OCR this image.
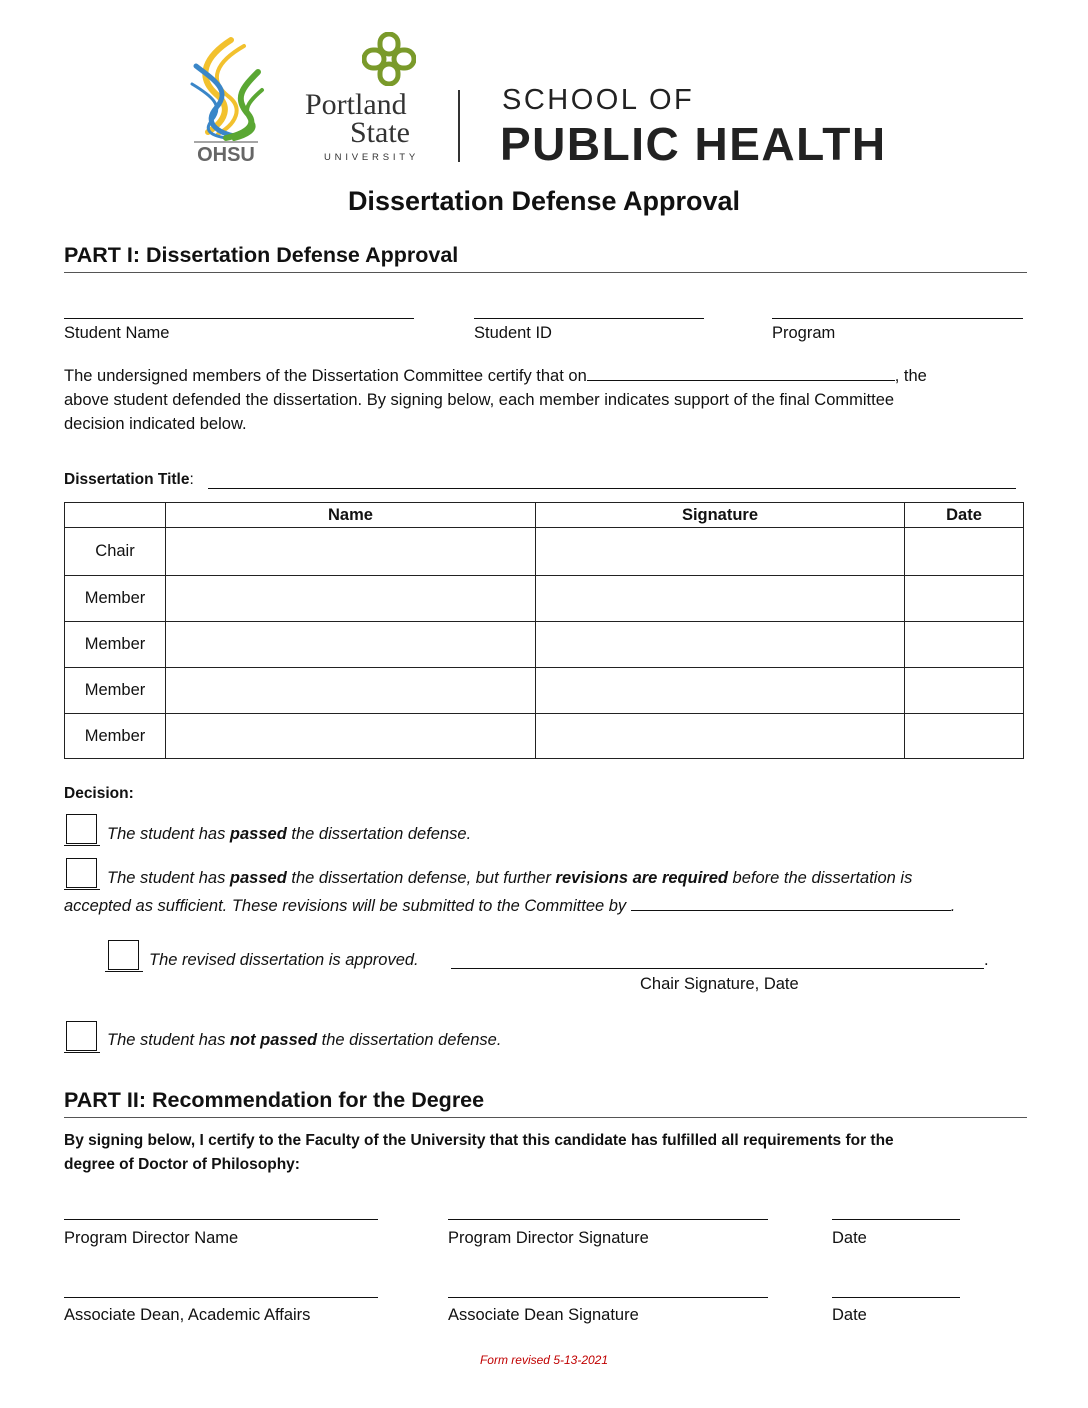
OHSU
Portland
State
UNIVERSITY
SCHOOL OF
PUBLIC HEALTH
Dissertation Defense Approval
PART I: Dissertation Defense Approval
Student Name	Student ID	Program
The undersigned members of the Dissertation Committee certify that on	, the
above student defended the dissertation. By signing below, each member indicates support of the final Committee
decision indicated below.
Dissertation Title:
	Name	Signature	Date
Chair			
Member			
Member			
Member			
Member			
Decision:
The student has passed the dissertation defense.
The student has passed the dissertation defense, but further revisions are required before the dissertation is
accepted as sufficient. These revisions will be submitted to the Committee by	.
The revised dissertation is approved.	.
Chair Signature, Date
The student has not passed the dissertation defense.
PART II: Recommendation for the Degree
By signing below, I certify to the Faculty of the University that this candidate has fulfilled all requirements for the
degree of Doctor of Philosophy:
Program Director Name	Program Director Signature	Date
Associate Dean, Academic Affairs	Associate Dean Signature	Date
Form revised 5-13-2021
